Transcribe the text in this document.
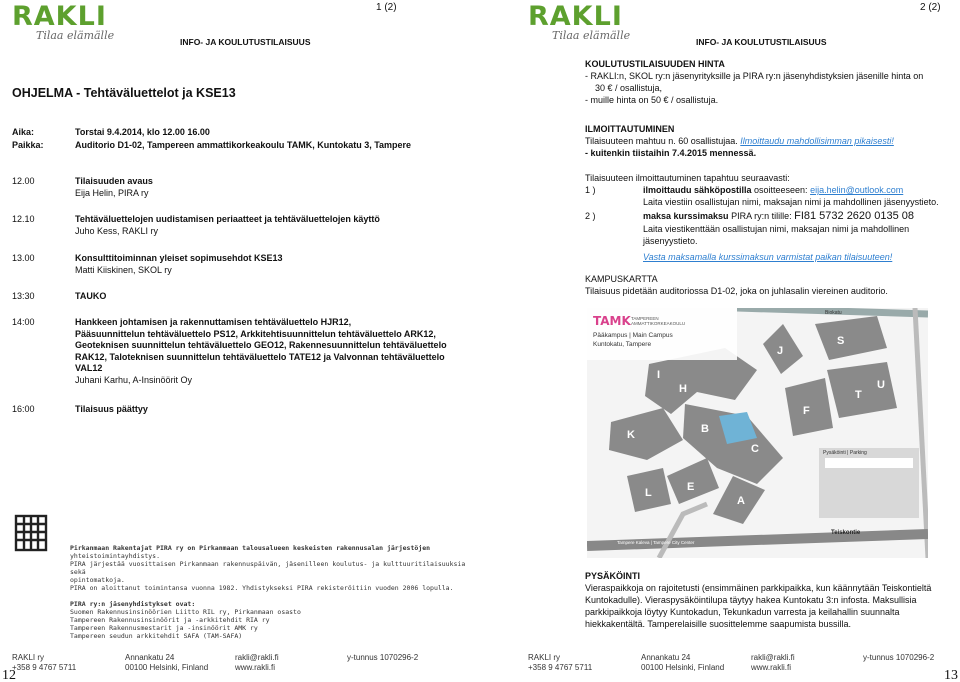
RAKLI
Tilaa elämälle
1 (2)
INFO- JA KOULUTUSTILAISUUS
OHJELMA - Tehtäväluettelot ja KSE13
Aika:	Torstai 9.4.2014, klo 12.00 16.00
Paikka:	Auditorio D1-02, Tampereen ammattikorkeakoulu TAMK, Kuntokatu 3, Tampere
12.00	Tilaisuuden avaus
Eija Helin, PIRA ry
12.10	Tehtäväluettelojen uudistamisen periaatteet ja tehtäväluettelojen käyttö
Juho Kess, RAKLI ry
13.00	Konsulttitoiminnan yleiset sopimusehdot KSE13
Matti Kiiskinen, SKOL ry
13:30	TAUKO
14:00	Hankkeen johtamisen ja rakennuttamisen tehtäväluettelo HJR12,
Pääsuunnittelun tehtäväluettelo PS12, Arkkitehtisuunnittelun tehtäväluettelo ARK12,
Geoteknisen suunnittelun tehtäväluettelo GEO12, Rakennesuunnittelun tehtäväluettelo
RAK12, Taloteknisen suunnittelun tehtäväluettelo TATE12 ja Valvonnan tehtäväluettelo
VAL12
Juhani Karhu, A-Insinöörit Oy
16:00	Tilaisuus päättyy
Pirkanmaan Rakentajat PIRA ry on Pirkanmaan talousalueen keskeisten rakennusalan järjestöjen
yhteistoimintayhdistys.
PIRA järjestää vuosittaisen Pirkanmaan rakennuspäivän, jäsenilleen koulutus- ja kulttuuritilaisuuksia sekä
opintomatkoja.
PIRA on aloittanut toimintansa vuonna 1982. Yhdistykseksi PIRA rekisteröitiin vuoden 2006 lopulla.
PIRA ry:n jäsenyhdistykset ovat:
Suomen Rakennusinsinöörien Liitto RIL ry, Pirkanmaan osasto
Tampereen Rakennusinsinöörit ja -arkkitehdit RIA ry
Tampereen Rakennusmestarit ja -insinöörit AMK ry
Tampereen seudun arkkitehdit SAFA (TAM-SAFA)
RAKLI ry
+358 9 4767 5711
Annankatu 24
00100 Helsinki, Finland
rakli@rakli.fi
www.rakli.fi
y-tunnus 1070296-2
12
RAKLI
Tilaa elämälle
2 (2)
INFO- JA KOULUTUSTILAISUUS
KOULUTUSTILAISUUDEN HINTA
- RAKLI:n, SKOL ry:n jäsenyrityksille ja PIRA ry:n jäsenyhdistyksien jäsenille hinta on
30 € / osallistuja,
- muille hinta on 50 € / osallistuja.
ILMOITTAUTUMINEN
Tilaisuuteen mahtuu n. 60 osallistujaa. Ilmoittaudu mahdollisimman pikaisesti!
- kuitenkin tiistaihin 7.4.2015 mennessä.
Tilaisuuteen ilmoittautuminen tapahtuu seuraavasti:
1 )	ilmoittaudu sähköpostilla osoitteeseen: eija.helin@outlook.com
Laita viestiin osallistujan nimi, maksajan nimi ja mahdollinen jäsenyystieto.
2 )	maksa kurssimaksu PIRA ry:n tilille: FI81 5732 2620 0135 08
Laita viestikenttään osallistujan nimi, maksajan nimi ja mahdollinen
jäsenyystieto.
Vasta maksamalla kurssimaksun varmistat paikan tilaisuuteen!
KAMPUSKARTTA
Tilaisuus pidetään auditoriossa D1-02, joka on juhlasalin viereinen auditorio.
I
H
K	B
C
A
J
S
T
U
F
E
L
TAMK TAMPEREEN AMMATTIKORKEAKOULU
Pääkampus | Main Campus
Kuntokatu, Tampere
Biokatu
Pysäköinti | Parking
Teiskontie
Tampere Kaleva | Tampere City Center
PYSÄKÖINTI
Vieraspaikkoja on rajoitetusti (ensimmäinen parkkipaikka, kun käännytään Teiskontieltä
Kuntokadulle). Vieraspysäköintilupa täytyy hakea Kuntokatu 3:n infosta. Maksullisia
parkkipaikkoja löytyy Kuntokadun, Tekunkadun varresta ja keilahallin suunnalta
hiekkakentältä. Tamperelaisille suosittelemme saapumista bussilla.
RAKLI ry
+358 9 4767 5711
Annankatu 24
00100 Helsinki, Finland
rakli@rakli.fi
www.rakli.fi
y-tunnus 1070296-2
13
